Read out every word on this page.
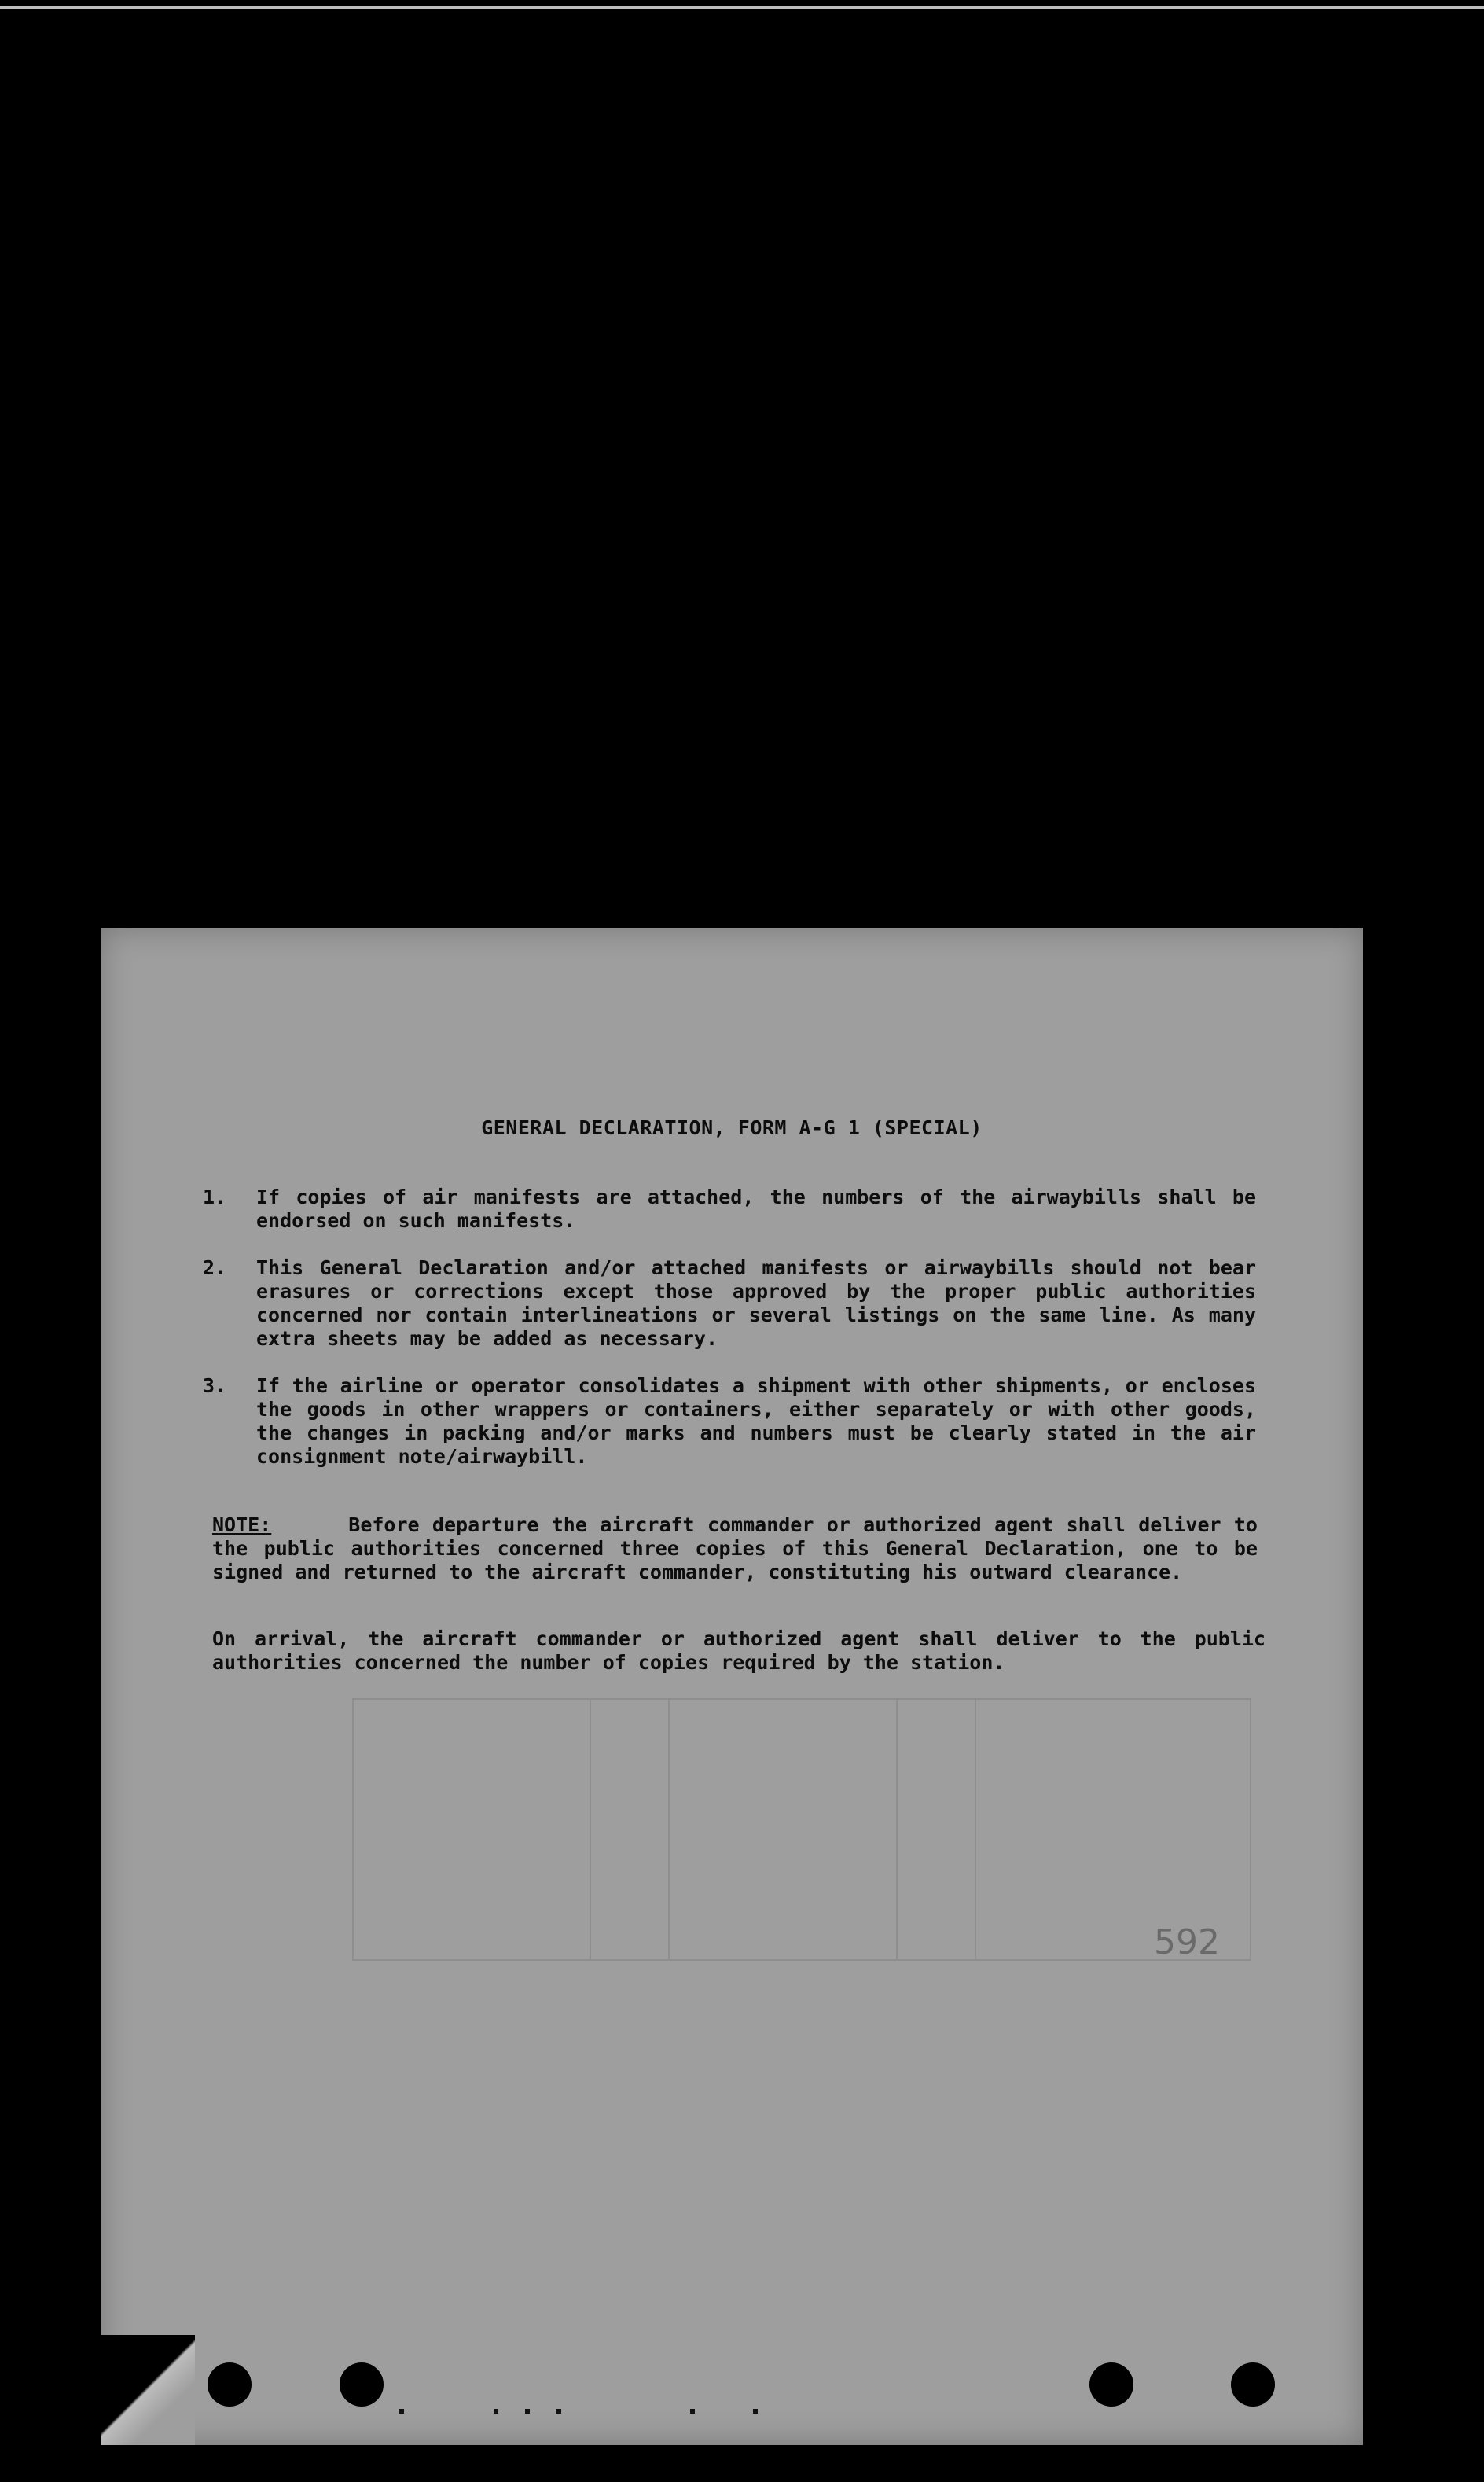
592
GENERAL DECLARATION, FORM A-G 1 (SPECIAL)
1.	If copies of air manifests are attached, the numbers of the airwaybills shall be endorsed on such manifests.
2.	This General Declaration and/or attached manifests or airwaybills should not bear erasures or corrections except those approved by the proper public authorities concerned nor contain interlineations or several listings on the same line. As many extra sheets may be added as necessary.
3.	If the airline or operator consolidates a shipment with other shipments, or encloses the goods in other wrappers or containers, either separately or with other goods, the changes in packing and/or marks and numbers must be clearly stated in the air consignment note/airwaybill.
NOTE:	Before departure the aircraft commander or authorized agent shall deliver to the public authorities concerned three copies of this General Declaration, one to be signed and returned to the aircraft commander, constituting his outward clearance.
On arrival, the aircraft commander or authorized agent shall deliver to the public authorities concerned the number of copies required by the station.
